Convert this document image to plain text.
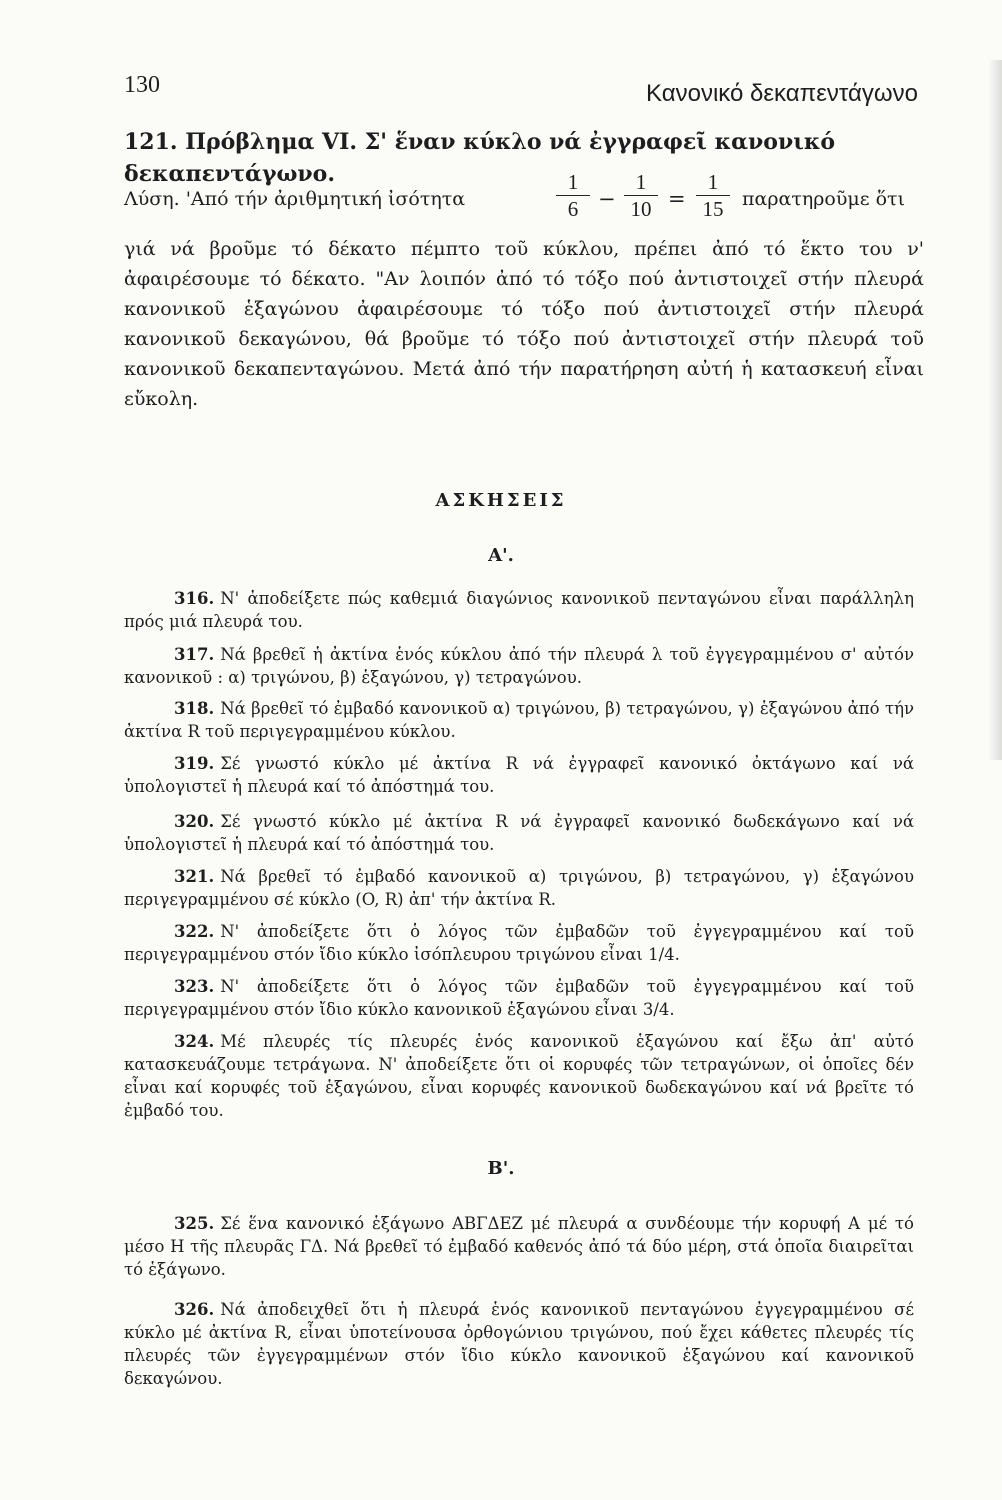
130	Κανονικό δεκαπεντάγωνο
121. Πρόβλημα VI. Σ' ἕναν κύκλο νά ἐγγραφεῖ κανονικό δεκαπεντάγωνο.
Λύση. 'Από τήν ἀριθμητική ἰσότητα	$\frac{1}{6} - \frac{1}{10} = \frac{1}{15}$ παρατηροῦμε ὅτι
γιά νά βροῦμε τό δέκατο πέμπτο τοῦ κύκλου, πρέπει ἀπό τό ἕκτο του ν' ἀφαιρέσουμε τό δέκατο. "Αν λοιπόν ἀπό τό τόξο πού ἀντιστοιχεῖ στήν πλευρά κανονικοῦ ἑξαγώνου ἀφαιρέσουμε τό τόξο πού ἀντιστοιχεῖ στήν πλευρά κανονικοῦ δεκαγώνου, θά βροῦμε τό τόξο πού ἀντιστοιχεῖ στήν πλευρά τοῦ κανονικοῦ δεκαπενταγώνου. Μετά ἀπό τήν παρατήρηση αὐτή ἡ κατασκευή εἶναι εὔκολη.
ΑΣΚΗΣΕΙΣ
A'.
316. N' ἀποδείξετε πώς καθεμιά διαγώνιος κανονικοῦ πενταγώνου εἶναι παράλληλη πρός μιά πλευρά του.
317. Νά βρεθεῖ ἡ ἀκτίνα ἑνός κύκλου ἀπό τήν πλευρά λ τοῦ ἐγγεγραμμένου σ' αὐτόν κανονικοῦ : α) τριγώνου, β) ἑξαγώνου, γ) τετραγώνου.
318. Νά βρεθεῖ τό ἐμβαδό κανονικοῦ α) τριγώνου, β) τετραγώνου, γ) ἑξαγώνου ἀπό τήν ἀκτίνα R τοῦ περιγεγραμμένου κύκλου.
319. Σέ γνωστό κύκλο μέ ἀκτίνα R νά ἐγγραφεῖ κανονικό ὀκτάγωνο καί νά ὑπολογιστεῖ ἡ πλευρά καί τό ἀπόστημά του.
320. Σέ γνωστό κύκλο μέ ἀκτίνα R νά ἐγγραφεῖ κανονικό δωδεκάγωνο καί νά ὑπολογιστεῖ ἡ πλευρά καί τό ἀπόστημά του.
321. Νά βρεθεῖ τό ἐμβαδό κανονικοῦ α) τριγώνου, β) τετραγώνου, γ) ἑξαγώνου περιγεγραμμένου σέ κύκλο (O, R) ἀπ' τήν ἀκτίνα R.
322. N' ἀποδείξετε ὅτι ὁ λόγος τῶν ἐμβαδῶν τοῦ ἐγγεγραμμένου καί τοῦ περιγεγραμμένου στόν ἴδιο κύκλο ἰσόπλευρου τριγώνου εἶναι 1/4.
323. N' ἀποδείξετε ὅτι ὁ λόγος τῶν ἐμβαδῶν τοῦ ἐγγεγραμμένου καί τοῦ περιγεγραμμένου στόν ἴδιο κύκλο κανονικοῦ ἑξαγώνου εἶναι 3/4.
324. Μέ πλευρές τίς πλευρές ἑνός κανονικοῦ ἑξαγώνου καί ἔξω ἀπ' αὐτό κατασκευάζουμε τετράγωνα. N' ἀποδείξετε ὅτι οἱ κορυφές τῶν τετραγώνων, οἱ ὁποῖες δέν εἶναι καί κορυφές τοῦ ἑξαγώνου, εἶναι κορυφές κανονικοῦ δωδεκαγώνου καί νά βρεῖτε τό ἐμβαδό του.
B'.
325. Σέ ἕνα κανονικό ἑξάγωνο ΑΒΓΔΕΖ μέ πλευρά α συνδέουμε τήν κορυφή Α μέ τό μέσο Η τῆς πλευρᾶς ΓΔ. Νά βρεθεῖ τό ἐμβαδό καθενός ἀπό τά δύο μέρη, στά ὁποῖα διαιρεῖται τό ἑξάγωνο.
326. Νά ἀποδειχθεῖ ὅτι ἡ πλευρά ἑνός κανονικοῦ πενταγώνου ἐγγεγραμμένου σέ κύκλο μέ ἀκτίνα R, εἶναι ὑποτείνουσα ὀρθογώνιου τριγώνου, πού ἔχει κάθετες πλευρές τίς πλευρές τῶν ἐγγεγραμμένων στόν ἴδιο κύκλο κανονικοῦ ἑξαγώνου καί κανονικοῦ δεκαγώνου.
